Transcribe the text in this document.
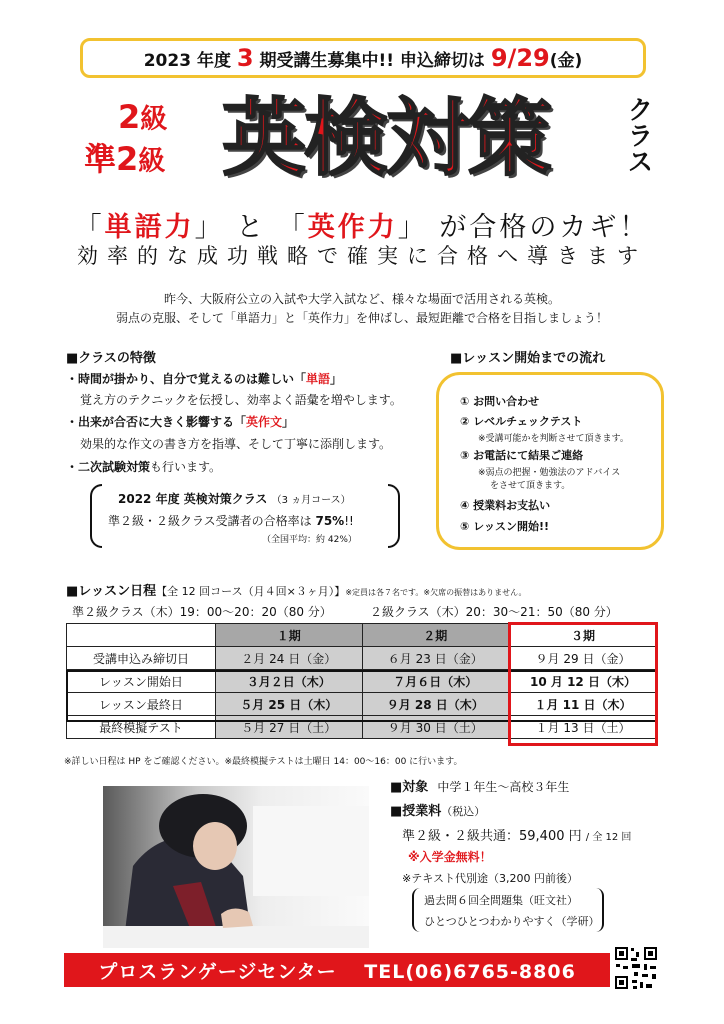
2023 年度
3
期受講生募集中!! 申込締切は
9/29 (金)
2級
準2級 英検対策	クラス
「単語力」 と 「英作力」 が合格のカギ！
効率的な成功戦略で確実に合格へ導きます
昨今、大阪府公立の入試や大学入試など、様々な場面で活用される英検。
弱点の克服、そして「単語力」と「英作力」を伸ばし、最短距離で合格を目指しましょう！
■クラスの特徴
・時間が掛かり、自分で覚えるのは難しい「単語」
覚え方のテクニックを伝授し、効率よく語彙を増やします。
・出来が合否に大きく影響する「英作文」
効果的な作文の書き方を指導、そして丁寧に添削します。
・二次試験対策も行います。
2022 年度 英検対策クラス （3 ヵ月コース）
準２級・２級クラス受講者の合格率は 75%!!
（全国平均：約 42%）
■レッスン開始までの流れ
① お問い合わせ
② レベルチェックテスト
※受講可能かを判断させて頂きます。
③ お電話にて結果ご連絡
※弱点の把握・勉強法のアドバイス
をさせて頂きます。
④ 授業料お支払い
⑤ レッスン開始!!
■レッスン日程【全 12 回コース（月４回×３ヶ月）】※定員は各７名です。※欠席の振替はありません。
準２級クラス（木）19：00〜20：20（80 分）	２級クラス（木）20：30〜21：50（80 分）
	１期	２期	３期
受講申込み締切日	２月 24 日（金）	６月 23 日（金）	９月 29 日（金）
レッスン開始日	３月２日（木）	７月６日（木）	10 月 12 日（木）
レッスン最終日	５月 25 日（木）	９月 28 日（木）	１月 11 日（木）
最終模擬テスト	５月 27 日（土）	９月 30 日（土）	１月 13 日（土）
※詳しい日程は HP をご確認ください。※最終模擬テストは土曜日 14：00〜16：00 に行います。
■対象 中学１年生〜高校３年生
■授業料（税込）
準２級・２級共通：59,400 円 / 全 12 回
※入学金無料！
※テキスト代別途（3,200 円前後）
過去問６回全問題集（旺文社）
ひとつひとつわかりやすく（学研）
プロスランゲージセンター　 TEL(06)6765-8806
